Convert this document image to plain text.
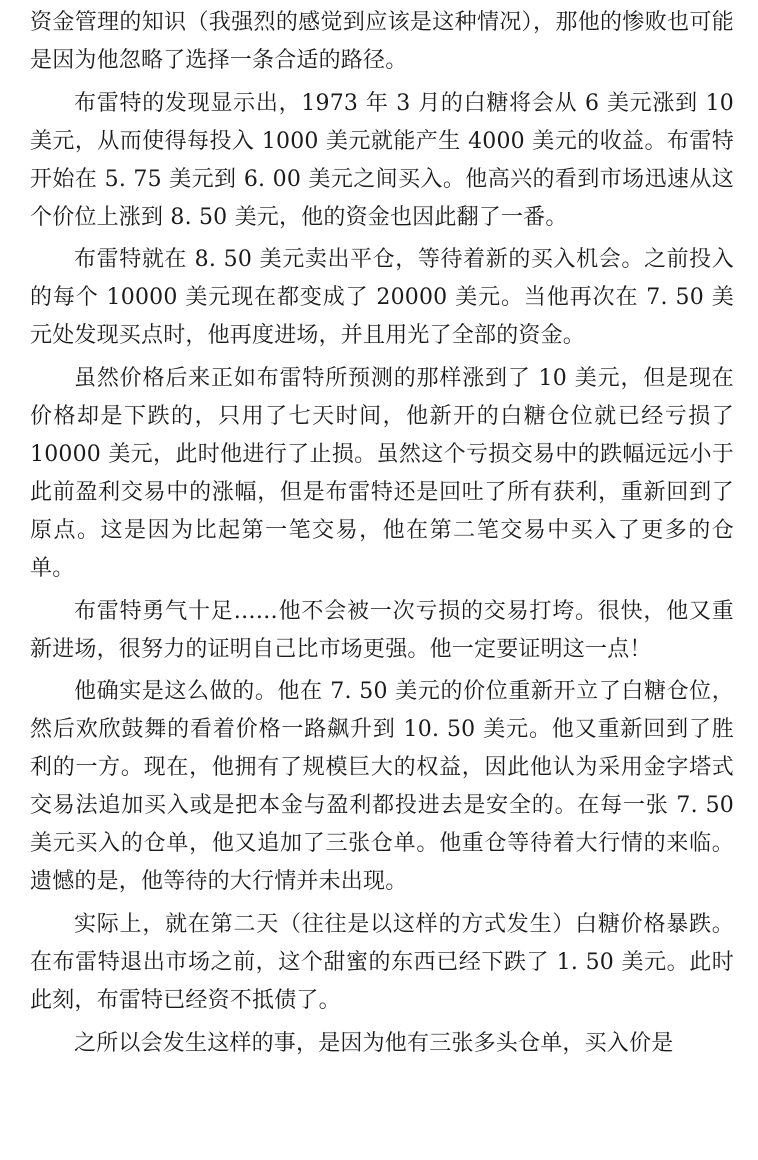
资金管理的知识（我强烈的感觉到应该是这种情况），那他的惨败也可能是因为他忽略了选择一条合适的路径。

布雷特的发现显示出，1973 年 3 月的白糖将会从 6 美元涨到 10 美元，从而使得每投入 1000 美元就能产生 4000 美元的收益。布雷特开始在 5. 75 美元到 6. 00 美元之间买入。他高兴的看到市场迅速从这个价位上涨到 8. 50 美元，他的资金也因此翻了一番。

布雷特就在 8. 50 美元卖出平仓，等待着新的买入机会。之前投入的每个 10000 美元现在都变成了 20000 美元。当他再次在 7. 50 美元处发现买点时，他再度进场，并且用光了全部的资金。

虽然价格后来正如布雷特所预测的那样涨到了 10 美元，但是现在价格却是下跌的，只用了七天时间，他新开的白糖仓位就已经亏损了 10000 美元，此时他进行了止损。虽然这个亏损交易中的跌幅远远小于此前盈利交易中的涨幅，但是布雷特还是回吐了所有获利，重新回到了原点。这是因为比起第一笔交易，他在第二笔交易中买入了更多的仓单。

布雷特勇气十足……他不会被一次亏损的交易打垮。很快，他又重新进场，很努力的证明自己比市场更强。他一定要证明这一点！

他确实是这么做的。他在 7. 50 美元的价位重新开立了白糖仓位，然后欢欣鼓舞的看着价格一路飙升到 10. 50 美元。他又重新回到了胜利的一方。现在，他拥有了规模巨大的权益，因此他认为采用金字塔式交易法追加买入或是把本金与盈利都投进去是安全的。在每一张 7. 50 美元买入的仓单，他又追加了三张仓单。他重仓等待着大行情的来临。遗憾的是，他等待的大行情并未出现。

实际上，就在第二天（往往是以这样的方式发生）白糖价格暴跌。在布雷特退出市场之前，这个甜蜜的东西已经下跌了 1. 50 美元。此时此刻，布雷特已经资不抵债了。

之所以会发生这样的事，是因为他有三张多头仓单，买入价是
